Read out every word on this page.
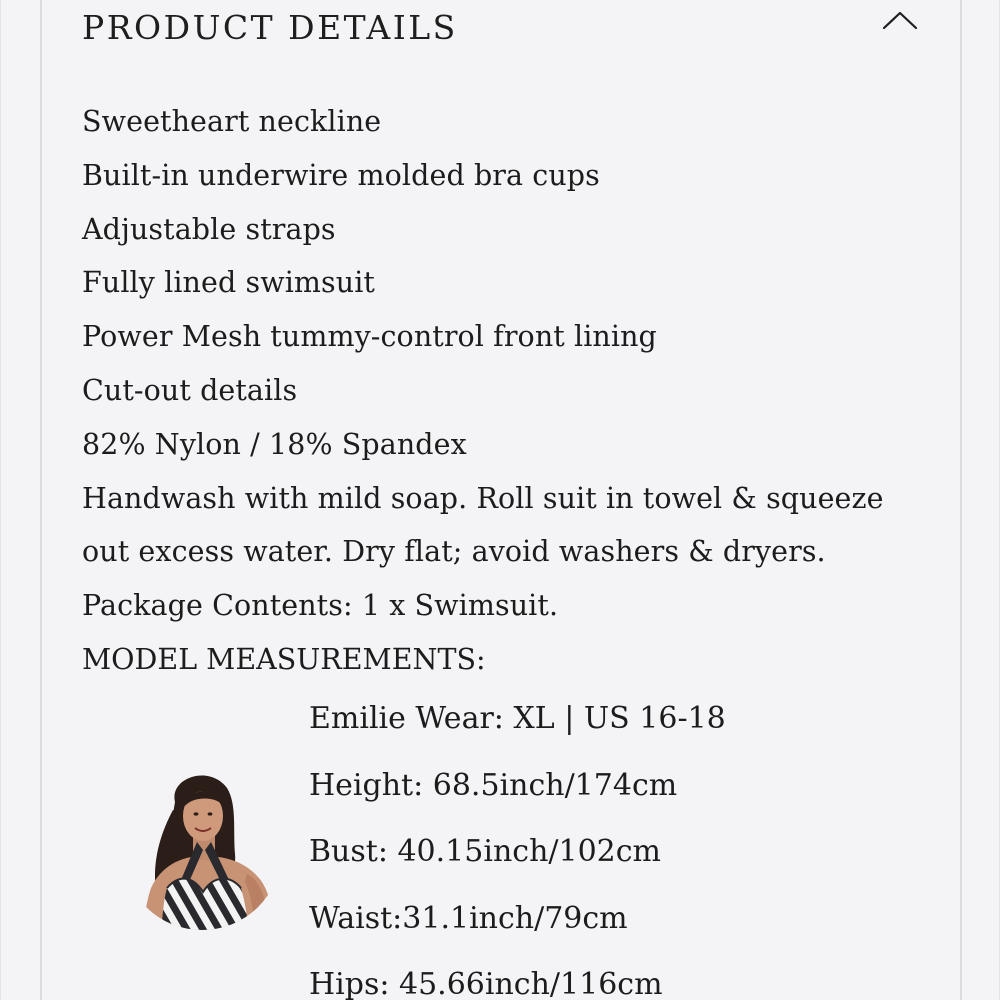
PRODUCT DETAILS
Sweetheart neckline
Built-in underwire molded bra cups
Adjustable straps
Fully lined swimsuit
Power Mesh tummy-control front lining
Cut-out details
82% Nylon / 18% Spandex
Handwash with mild soap. Roll suit in towel & squeeze
out excess water. Dry flat; avoid washers & dryers.
Package Contents: 1 x Swimsuit.
MODEL MEASUREMENTS:
Emilie Wear: XL | US 16-18
Height: 68.5inch/174cm
Bust: 40.15inch/102cm
Waist:31.1inch/79cm
Hips: 45.66inch/116cm
